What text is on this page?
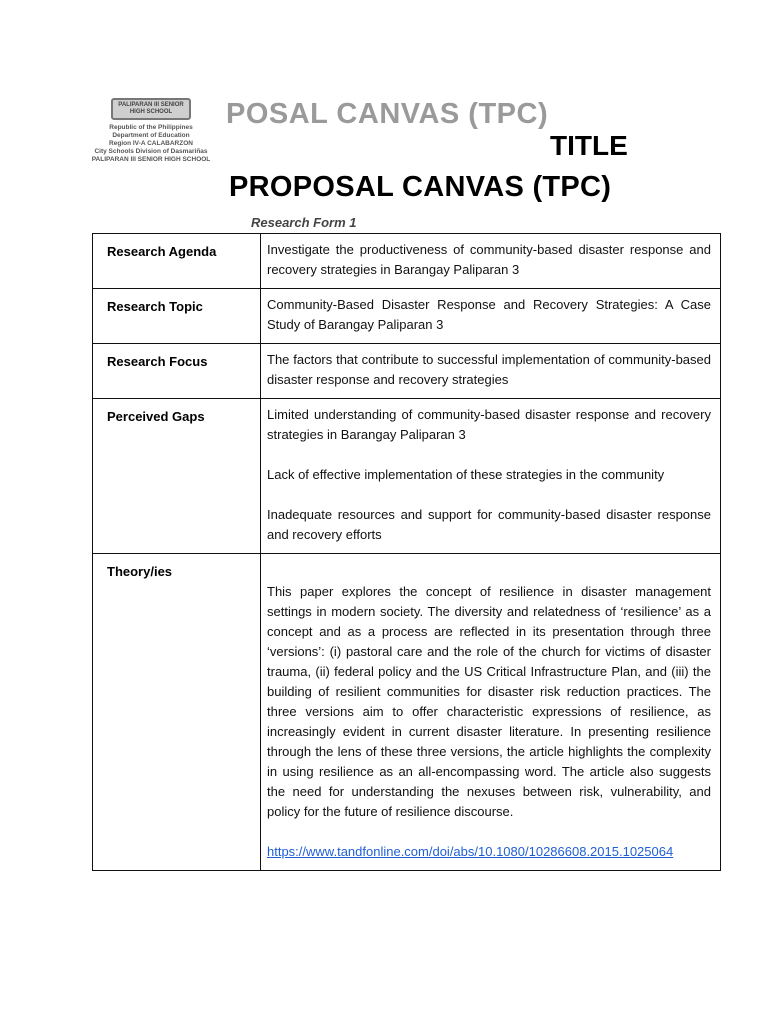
PALIPARAN III SENIOR HIGH SCHOOL
Republic of the Philippines
Department of Education
Region IV-A CALABARZON
City Schools Division of Dasmariñas
PALIPARAN III SENIOR HIGH SCHOOL
POSAL CANVAS (TPC)
TITLE
PROPOSAL CANVAS (TPC)
Research Form 1
Research Agenda	Investigate the productiveness of community-based disaster response and recovery strategies in Barangay Paliparan 3

Research Topic	Community-Based Disaster Response and Recovery Strategies: A Case Study of Barangay Paliparan 3

Research Focus	The factors that contribute to successful implementation of community-based disaster response and recovery strategies

Perceived Gaps	Limited understanding of community-based disaster response and recovery strategies in Barangay Paliparan 3

Lack of effective implementation of these strategies in the community

Inadequate resources and support for community-based disaster response and recovery efforts

Theory/ies	This paper explores the concept of resilience in disaster management settings in modern society. The diversity and relatedness of ‘resilience’ as a concept and as a process are reflected in its presentation through three ‘versions’: (i) pastoral care and the role of the church for victims of disaster trauma, (ii) federal policy and the US Critical Infrastructure Plan, and (iii) the building of resilient communities for disaster risk reduction practices. The three versions aim to offer characteristic expressions of resilience, as increasingly evident in current disaster literature. In presenting resilience through the lens of these three versions, the article highlights the complexity in using resilience as an all-encompassing word. The article also suggests the need for understanding the nexuses between risk, vulnerability, and policy for the future of resilience discourse.

https://www.tandfonline.com/doi/abs/10.1080/10286608.2015.1025064
